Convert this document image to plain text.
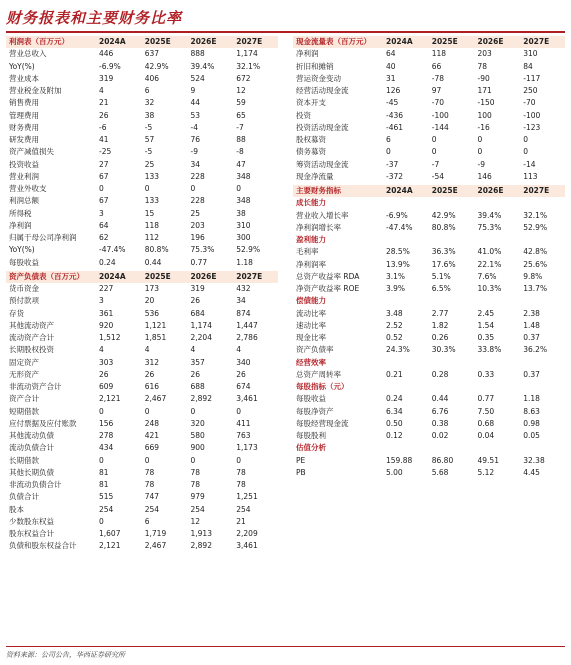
财务报表和主要财务比率
利润表（百万元）	2024A	2025E	2026E	2027E
营业总收入	446	637	888	1,174
YoY(%)	-6.9%	42.9%	39.4%	32.1%
营业成本	319	406	524	672
营业税金及附加	4	6	9	12
销售费用	21	32	44	59
管理费用	26	38	53	65
财务费用	-6	-5	-4	-7
研发费用	41	57	76	88
资产减值损失	-25	-5	-9	-8
投资收益	27	25	34	47
营业利润	67	133	228	348
营业外收支	0	0	0	0
利润总额	67	133	228	348
所得税	3	15	25	38
净利润	64	118	203	310
归属于母公司净利润	62	112	196	300
YoY(%)	-47.4%	80.8%	75.3%	52.9%
每股收益	0.24	0.44	0.77	1.18
资产负债表（百万元）	2024A	2025E	2026E	2027E
货币资金	227	173	319	432
预付款项	3	20	26	34
存货	361	536	684	874
其他流动资产	920	1,121	1,174	1,447
流动资产合计	1,512	1,851	2,204	2,786
长期股权投资	4	4	4	4
固定资产	303	312	357	340
无形资产	26	26	26	26
非流动资产合计	609	616	688	674
资产合计	2,121	2,467	2,892	3,461
短期借款	0	0	0	0
应付票据及应付账款	156	248	320	411
其他流动负债	278	421	580	763
流动负债合计	434	669	900	1,173
长期借款	0	0	0	0
其他长期负债	81	78	78	78
非流动负债合计	81	78	78	78
负债合计	515	747	979	1,251
股本	254	254	254	254
少数股东权益	0	6	12	21
股东权益合计	1,607	1,719	1,913	2,209
负债和股东权益合计	2,121	2,467	2,892	3,461
现金流量表（百万元）	2024A	2025E	2026E	2027E
净利润	64	118	203	310
折旧和摊销	40	66	78	84
营运资金变动	31	-78	-90	-117
经营活动现金流	126	97	171	250
资本开支	-45	-70	-150	-70
投资	-436	-100	100	-100
投资活动现金流	-461	-144	-16	-123
股权募资	6	0	0	0
债务募资	0	0	0	0
筹资活动现金流	-37	-7	-9	-14
现金净流量	-372	-54	146	113
主要财务指标	2024A	2025E	2026E	2027E
成长能力				
营业收入增长率	-6.9%	42.9%	39.4%	32.1%
净利润增长率	-47.4%	80.8%	75.3%	52.9%
盈利能力				
毛利率	28.5%	36.3%	41.0%	42.8%
净利润率	13.9%	17.6%	22.1%	25.6%
总资产收益率 RDA	3.1%	5.1%	7.6%	9.8%
净资产收益率 ROE	3.9%	6.5%	10.3%	13.7%
偿债能力				
流动比率	3.48	2.77	2.45	2.38
速动比率	2.52	1.82	1.54	1.48
现金比率	0.52	0.26	0.35	0.37
资产负债率	24.3%	30.3%	33.8%	36.2%
经营效率				
总资产周转率	0.21	0.28	0.33	0.37
每股指标（元）				
每股收益	0.24	0.44	0.77	1.18
每股净资产	6.34	6.76	7.50	8.63
每股经营现金流	0.50	0.38	0.68	0.98
每股股利	0.12	0.02	0.04	0.05
估值分析				
PE	159.88	86.80	49.51	32.38
PB	5.00	5.68	5.12	4.45
资料来源：公司公告，华西证券研究所
